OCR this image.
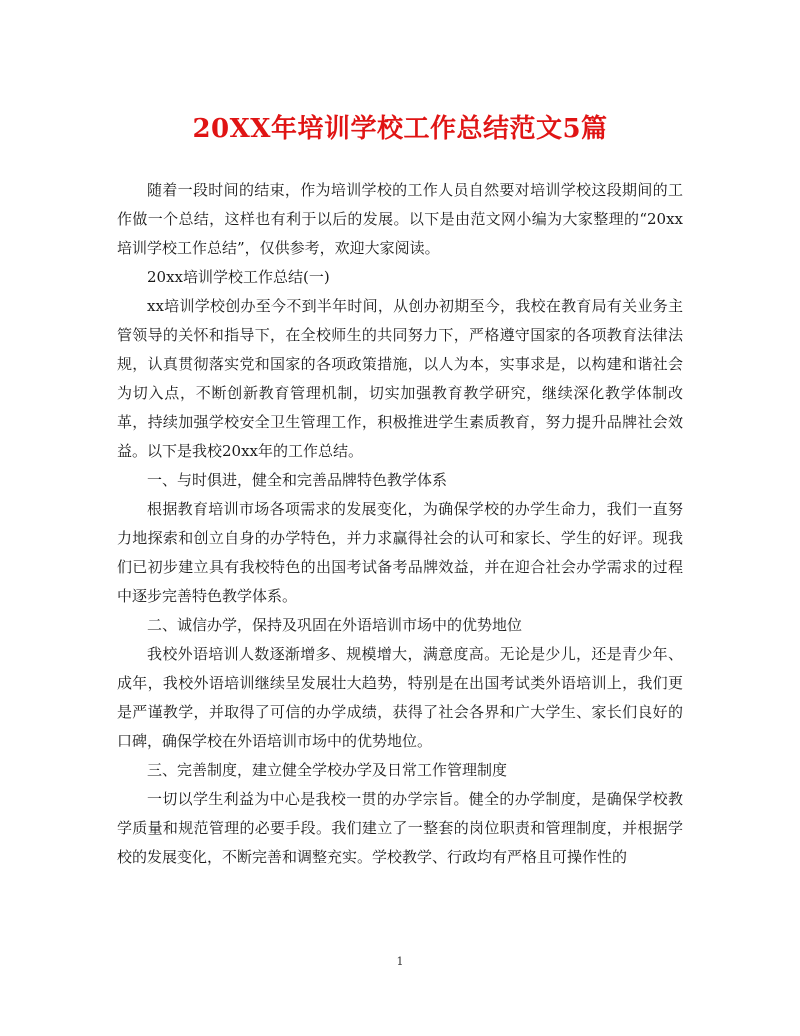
20XX年培训学校工作总结范文5篇

随着一段时间的结束，作为培训学校的工作人员自然要对培训学校这段期间的工作做一个总结，这样也有利于以后的发展。以下是由范文网小编为大家整理的“20xx培训学校工作总结”，仅供参考，欢迎大家阅读。

20xx培训学校工作总结(一)

xx培训学校创办至今不到半年时间，从创办初期至今，我校在教育局有关业务主管领导的关怀和指导下，在全校师生的共同努力下，严格遵守国家的各项教育法律法规，认真贯彻落实党和国家的各项政策措施，以人为本，实事求是，以构建和谐社会为切入点，不断创新教育管理机制，切实加强教育教学研究，继续深化教学体制改革，持续加强学校安全卫生管理工作，积极推进学生素质教育，努力提升品牌社会效益。以下是我校20xx年的工作总结。

一、与时俱进，健全和完善品牌特色教学体系

根据教育培训市场各项需求的发展变化，为确保学校的办学生命力，我们一直努力地探索和创立自身的办学特色，并力求赢得社会的认可和家长、学生的好评。现我们已初步建立具有我校特色的出国考试备考品牌效益，并在迎合社会办学需求的过程中逐步完善特色教学体系。

二、诚信办学，保持及巩固在外语培训市场中的优势地位

我校外语培训人数逐渐增多、规模增大，满意度高。无论是少儿，还是青少年、成年，我校外语培训继续呈发展壮大趋势，特别是在出国考试类外语培训上，我们更是严谨教学，并取得了可信的办学成绩，获得了社会各界和广大学生、家长们良好的口碑，确保学校在外语培训市场中的优势地位。

三、完善制度，建立健全学校办学及日常工作管理制度

一切以学生利益为中心是我校一贯的办学宗旨。健全的办学制度，是确保学校教学质量和规范管理的必要手段。我们建立了一整套的岗位职责和管理制度，并根据学校的发展变化，不断完善和调整充实。学校教学、行政均有严格且可操作性的

1
